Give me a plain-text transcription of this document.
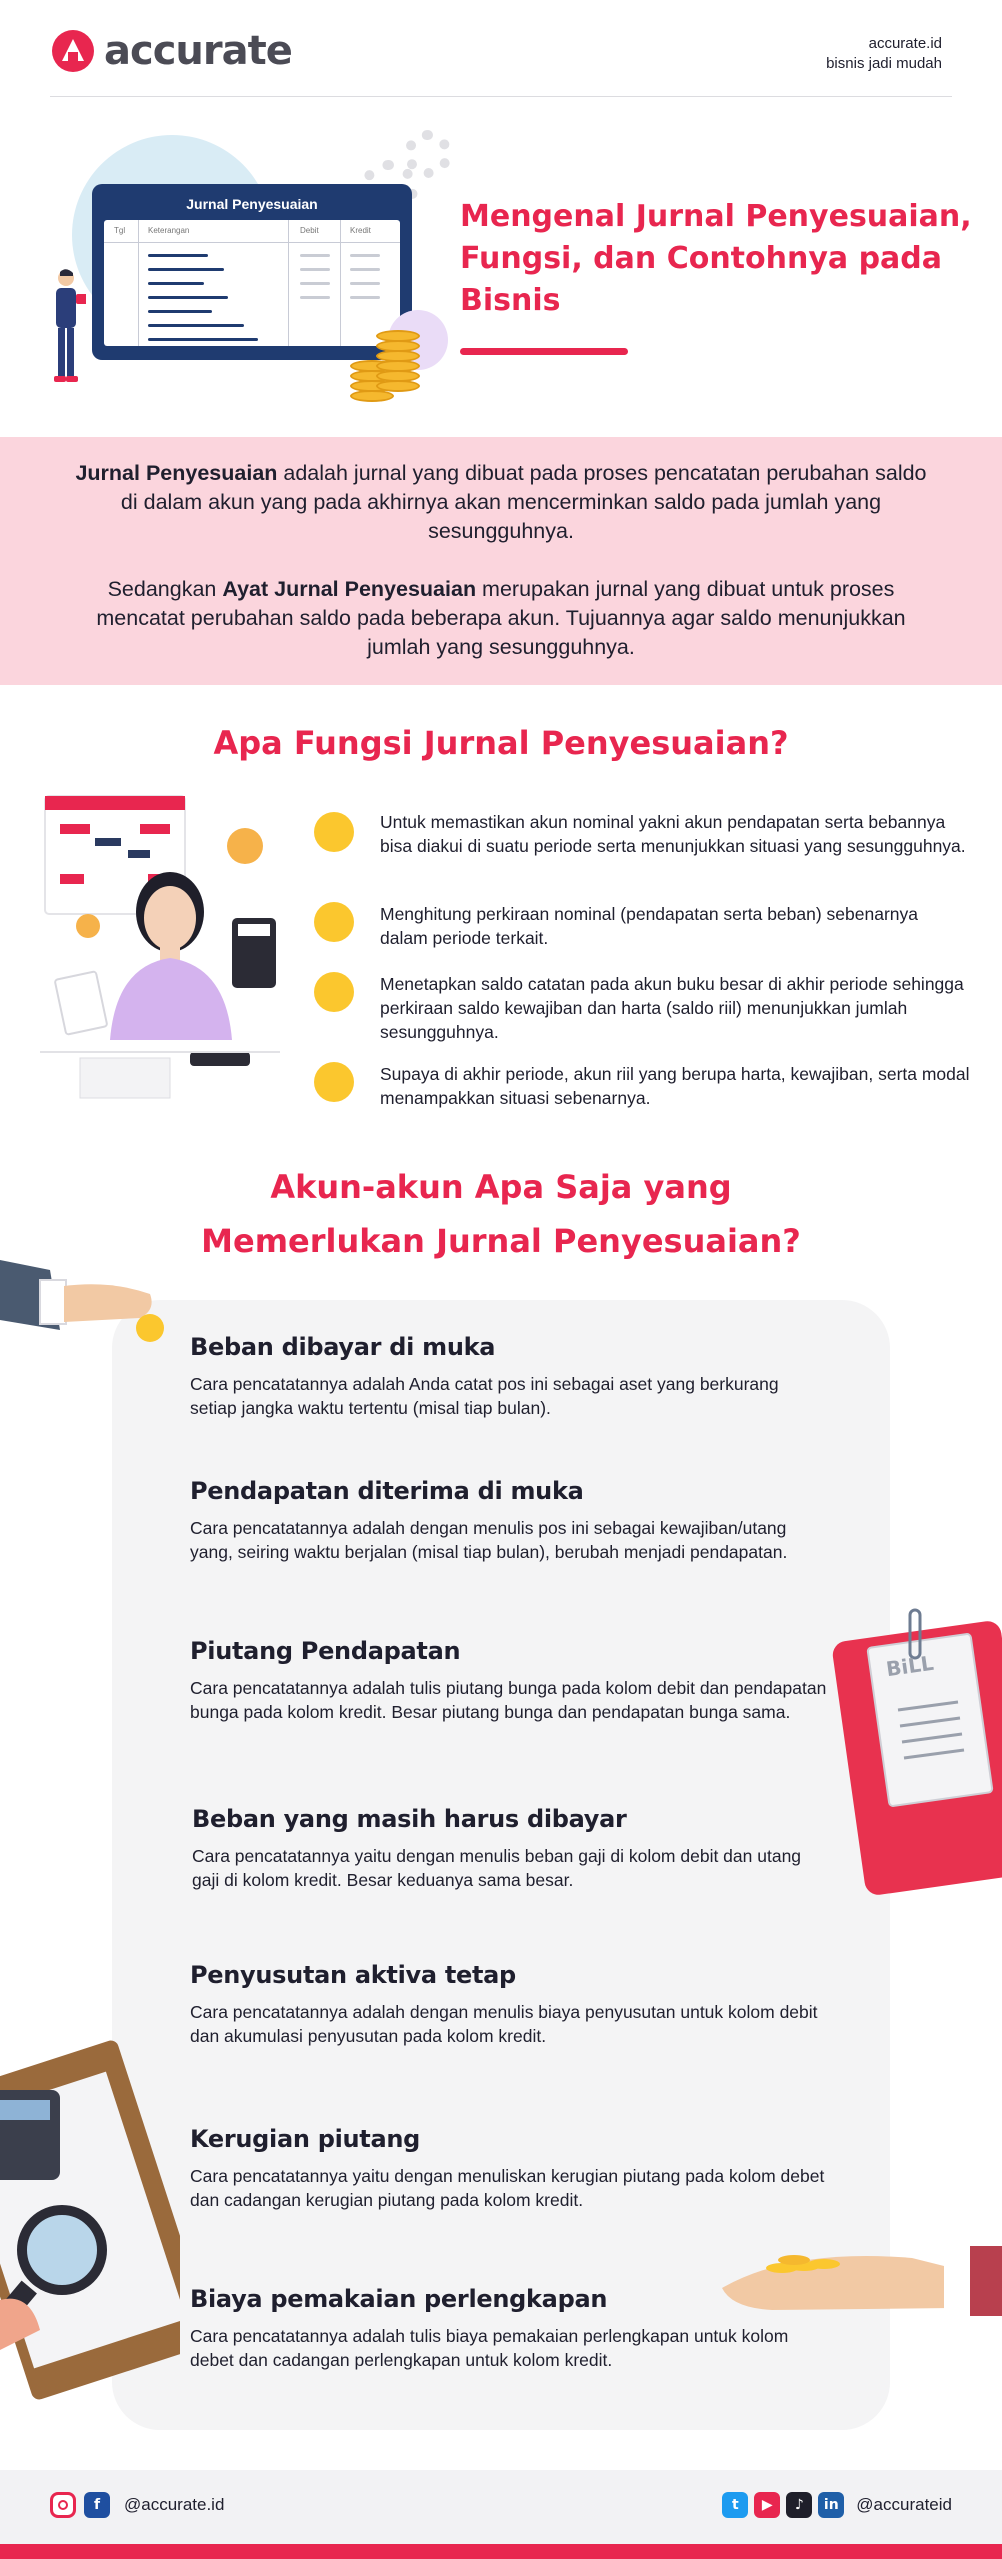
accurate	accurate.id
bisnis jadi mudah
Jurnal Penyesuaian
Tgl	Keterangan	Debit	Kredit	Mengenal Jurnal Penyesuaian, Fungsi, dan Contohnya pada Bisnis

Jurnal Penyesuaian adalah jurnal yang dibuat pada proses pencatatan perubahan saldo di dalam akun yang pada akhirnya akan mencerminkan saldo pada jumlah yang sesungguhnya.

Sedangkan Ayat Jurnal Penyesuaian merupakan jurnal yang dibuat untuk proses mencatat perubahan saldo pada beberapa akun. Tujuannya agar saldo menunjukkan jumlah yang sesungguhnya.

Apa Fungsi Jurnal Penyesuaian?
Untuk memastikan akun nominal yakni akun pendapatan serta bebannya bisa diakui di suatu periode serta menunjukkan situasi yang sesungguhnya.
Menghitung perkiraan nominal (pendapatan serta beban) sebenarnya dalam periode terkait.
Menetapkan saldo catatan pada akun buku besar di akhir periode sehingga perkiraan saldo kewajiban dan harta (saldo riil) menunjukkan jumlah sesungguhnya.
Supaya di akhir periode, akun riil yang berupa harta, kewajiban, serta modal menampakkan situasi sebenarnya.
Akun-akun Apa Saja yang
Memerlukan Jurnal Penyesuaian?
BiLL
Beban dibayar di muka
Cara pencatatannya adalah Anda catat pos ini sebagai aset yang berkurang setiap jangka waktu tertentu (misal tiap bulan).
Pendapatan diterima di muka
Cara pencatatannya adalah dengan menulis pos ini sebagai kewajiban/utang yang, seiring waktu berjalan (misal tiap bulan), berubah menjadi pendapatan.
Piutang Pendapatan
Cara pencatatannya adalah tulis piutang bunga pada kolom debit dan pendapatan bunga pada kolom kredit. Besar piutang bunga dan pendapatan bunga sama.
Beban yang masih harus dibayar
Cara pencatatannya yaitu dengan menulis beban gaji di kolom debit dan utang gaji di kolom kredit. Besar keduanya sama besar.
Penyusutan aktiva tetap
Cara pencatatannya adalah dengan menulis biaya penyusutan untuk kolom debit dan akumulasi penyusutan pada kolom kredit.
Kerugian piutang
Cara pencatatannya yaitu dengan menuliskan kerugian piutang pada kolom debet dan cadangan kerugian piutang pada kolom kredit.
Biaya pemakaian perlengkapan
Cara pencatatannya adalah tulis biaya pemakaian perlengkapan untuk kolom debet dan cadangan perlengkapan untuk kolom kredit.
f	@accurate.id	t	▶	♪	in	@accurateid
